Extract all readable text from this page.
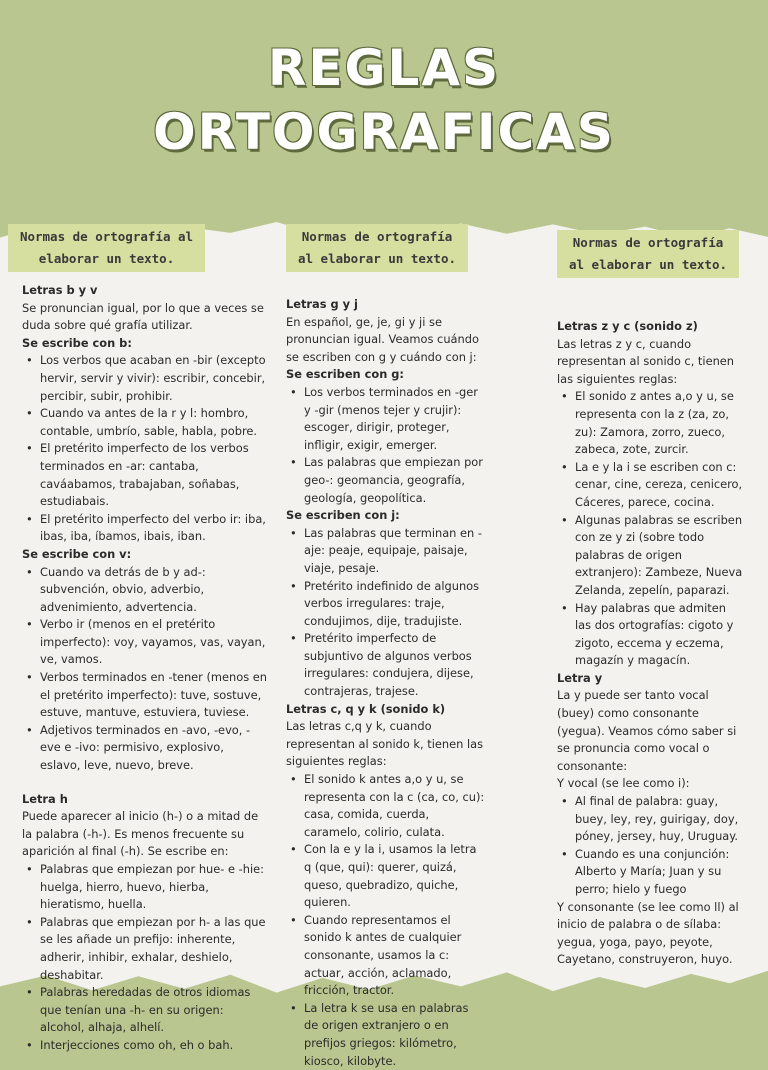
REGLAS
ORTOGRAFICAS
Normas de ortografía al elaborar un texto.

Letras b y v

Se pronuncian igual, por lo que a veces se duda sobre qué grafía utilizar.

Se escribe con b:

• Los verbos que acaban en -bir (excepto hervir, servir y vivir): escribir, concebir, percibir, subir, prohibir.
• Cuando va antes de la r y l: hombro, contable, umbrío, sable, habla, pobre.
• El pretérito imperfecto de los verbos terminados en -ar: cantaba, caváabamos, trabajaban, soñabas, estudiabais.
• El pretérito imperfecto del verbo ir: iba, ibas, iba, íbamos, ibais, iban.

Se escribe con v:

• Cuando va detrás de b y ad-: subvención, obvio, adverbio, advenimiento, advertencia.
• Verbo ir (menos en el pretérito imperfecto): voy, vayamos, vas, vayan, ve, vamos.
• Verbos terminados en -tener (menos en el pretérito imperfecto): tuve, sostuve, estuve, mantuve, estuviera, tuviese.
• Adjetivos terminados en -avo, -evo, -eve e -ivo: permisivo, explosivo, eslavo, leve, nuevo, breve.

Letra h

Puede aparecer al inicio (h-) o a mitad de la palabra (-h-). Es menos frecuente su aparición al final (-h). Se escribe en:

• Palabras que empiezan por hue- e -hie: huelga, hierro, huevo, hierba, hieratismo, huella.
• Palabras que empiezan por h- a las que se les añade un prefijo: inherente, adherir, inhibir, exhalar, deshielo, deshabitar.
• Palabras heredadas de otros idiomas que tenían una -h- en su origen: alcohol, alhaja, alhelí.
• Interjecciones como oh, eh o bah.
Normas de ortografía al elaborar un texto.

Letras g y j

En español, ge, je, gi y ji se pronuncian igual. Veamos cuándo se escriben con g y cuándo con j:

Se escriben con g:

• Los verbos terminados en -ger y -gir (menos tejer y crujir): escoger, dirigir, proteger, infligir, exigir, emerger.
• Las palabras que empiezan por geo-: geomancia, geografía, geología, geopolítica.

Se escriben con j:

• Las palabras que terminan en -aje: peaje, equipaje, paisaje, viaje, pesaje.
• Pretérito indefinido de algunos verbos irregulares: traje, condujimos, dije, tradujiste.
• Pretérito imperfecto de subjuntivo de algunos verbos irregulares: condujera, dijese, contrajeras, trajese.

Letras c, q y k (sonido k)

Las letras c,q y k, cuando representan al sonido k, tienen las siguientes reglas:

• El sonido k antes a,o y u, se representa con la c (ca, co, cu): casa, comida, cuerda, caramelo, colirio, culata.
• Con la e y la i, usamos la letra q (que, qui): querer, quizá, queso, quebradizo, quiche, quieren.
• Cuando representamos el sonido k antes de cualquier consonante, usamos la c: actuar, acción, aclamado, fricción, tractor.
• La letra k se usa en palabras de origen extranjero o en prefijos griegos: kilómetro, kiosco, kilobyte.
Normas de ortografía al elaborar un texto.

Letras z y c (sonido z)

Las letras z y c, cuando representan al sonido c, tienen las siguientes reglas:

• El sonido z antes a,o y u, se representa con la z (za, zo, zu): Zamora, zorro, zueco, zabeca, zote, zurcir.
• La e y la i se escriben con c: cenar, cine, cereza, cenicero, Cáceres, parece, cocina.
• Algunas palabras se escriben con ze y zi (sobre todo palabras de origen extranjero): Zambeze, Nueva Zelanda, zepelín, paparazi.
• Hay palabras que admiten las dos ortografías: cigoto y zigoto, eccema y eczema, magazín y magacín.

Letra y

La y puede ser tanto vocal (buey) como consonante (yegua). Veamos cómo saber si se pronuncia como vocal o consonante:

Y vocal (se lee como i):

• Al final de palabra: guay, buey, ley, rey, guirigay, doy, póney, jersey, huy, Uruguay.
• Cuando es una conjunción: Alberto y María; Juan y su perro; hielo y fuego

Y consonante (se lee como ll) al inicio de palabra o de sílaba: yegua, yoga, payo, peyote, Cayetano, construyeron, huyo.
